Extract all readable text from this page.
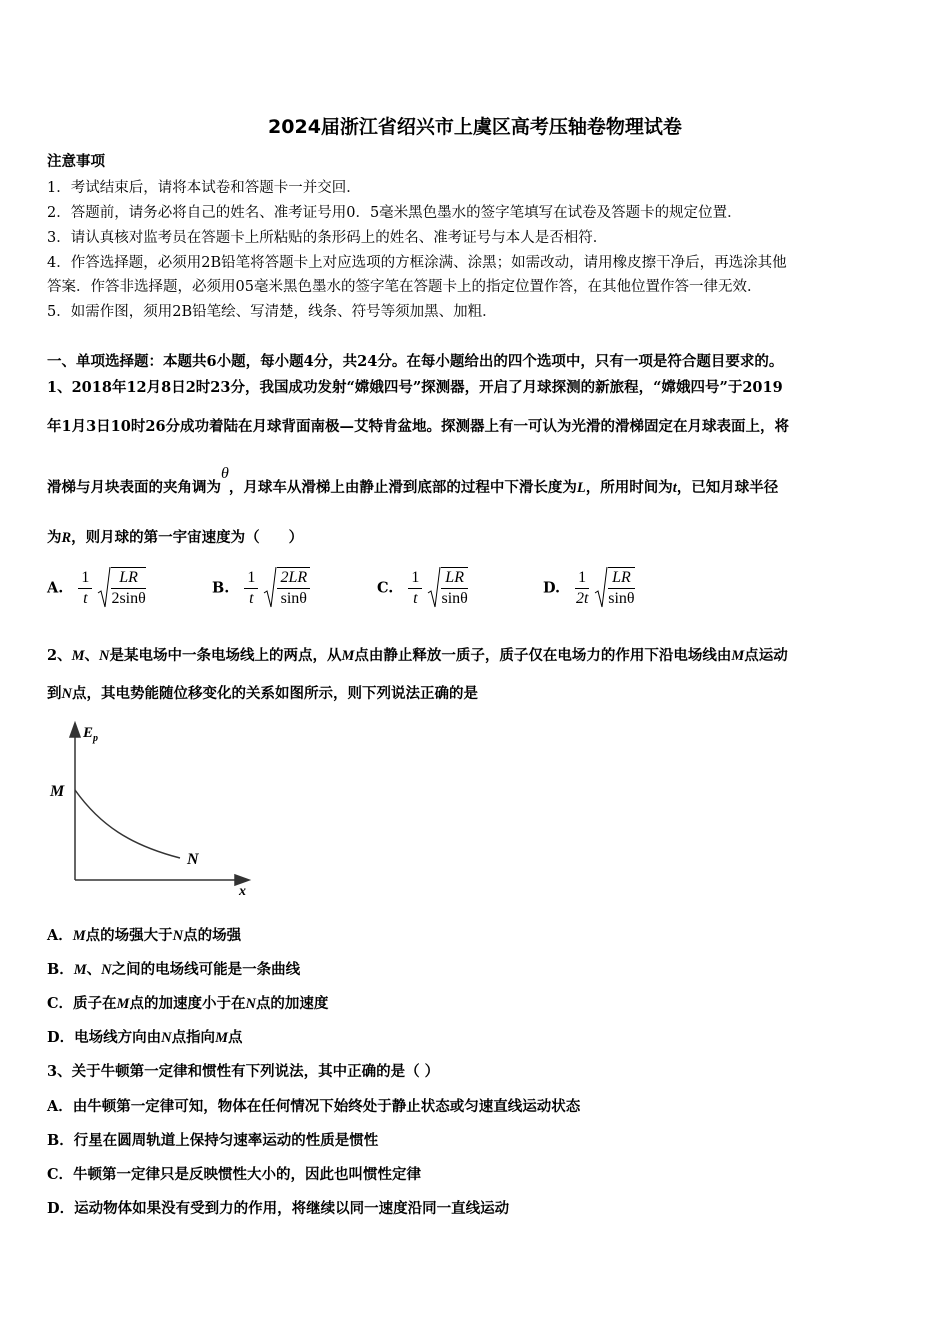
2024届浙江省绍兴市上虞区高考压轴卷物理试卷
注意事项
1．考试结束后，请将本试卷和答题卡一并交回．
2．答题前，请务必将自己的姓名、准考证号用0．5毫米黑色墨水的签字笔填写在试卷及答题卡的规定位置．
3．请认真核对监考员在答题卡上所粘贴的条形码上的姓名、准考证号与本人是否相符．
4．作答选择题，必须用2B铅笔将答题卡上对应选项的方框涂满、涂黑；如需改动，请用橡皮擦干净后，再选涂其他
答案．作答非选择题，必须用05毫米黑色墨水的签字笔在答题卡上的指定位置作答，在其他位置作答一律无效．
5．如需作图，须用2B铅笔绘、写清楚，线条、符号等须加黑、加粗．
一、单项选择题：本题共6小题，每小题4分，共24分。在每小题给出的四个选项中，只有一项是符合题目要求的。
1、2018年12月8日2时23分，我国成功发射“嫦娥四号”探测器，开启了月球探测的新旅程，“嫦娥四号”于2019
年1月3日10时26分成功着陆在月球背面南极—艾特肯盆地。探测器上有一可认为光滑的滑梯固定在月球表面上，将
滑梯与月块表面的夹角调为θ，月球车从滑梯上由静止滑到底部的过程中下滑长度为L，所用时间为t，已知月球半径
为R，则月球的第一宇宙速度为（　　）
A. $\frac{1}{t}$
$\frac{LR}{2\sin\theta}$	B. $\frac{1}{t}$
$\frac{2LR}{\sin\theta}$	C. $\frac{1}{t}$
$\frac{LR}{\sin\theta}$	D. $\frac{1}{2t}$
$\frac{LR}{\sin\theta}$
2、M、N是某电场中一条电场线上的两点，从M点由静止释放一质子，质子仅在电场力的作用下沿电场线由M点运动
到N点，其电势能随位移变化的关系如图所示，则下列说法正确的是
$E_p$
x
M
N
A．M点的场强大于N点的场强
B．M、N之间的电场线可能是一条曲线
C．质子在M点的加速度小于在N点的加速度
D．电场线方向由N点指向M点
3、关于牛顿第一定律和惯性有下列说法，其中正确的是（ ）
A．由牛顿第一定律可知，物体在任何情况下始终处于静止状态或匀速直线运动状态
B．行星在圆周轨道上保持匀速率运动的性质是惯性
C．牛顿第一定律只是反映惯性大小的，因此也叫惯性定律
D．运动物体如果没有受到力的作用，将继续以同一速度沿同一直线运动
